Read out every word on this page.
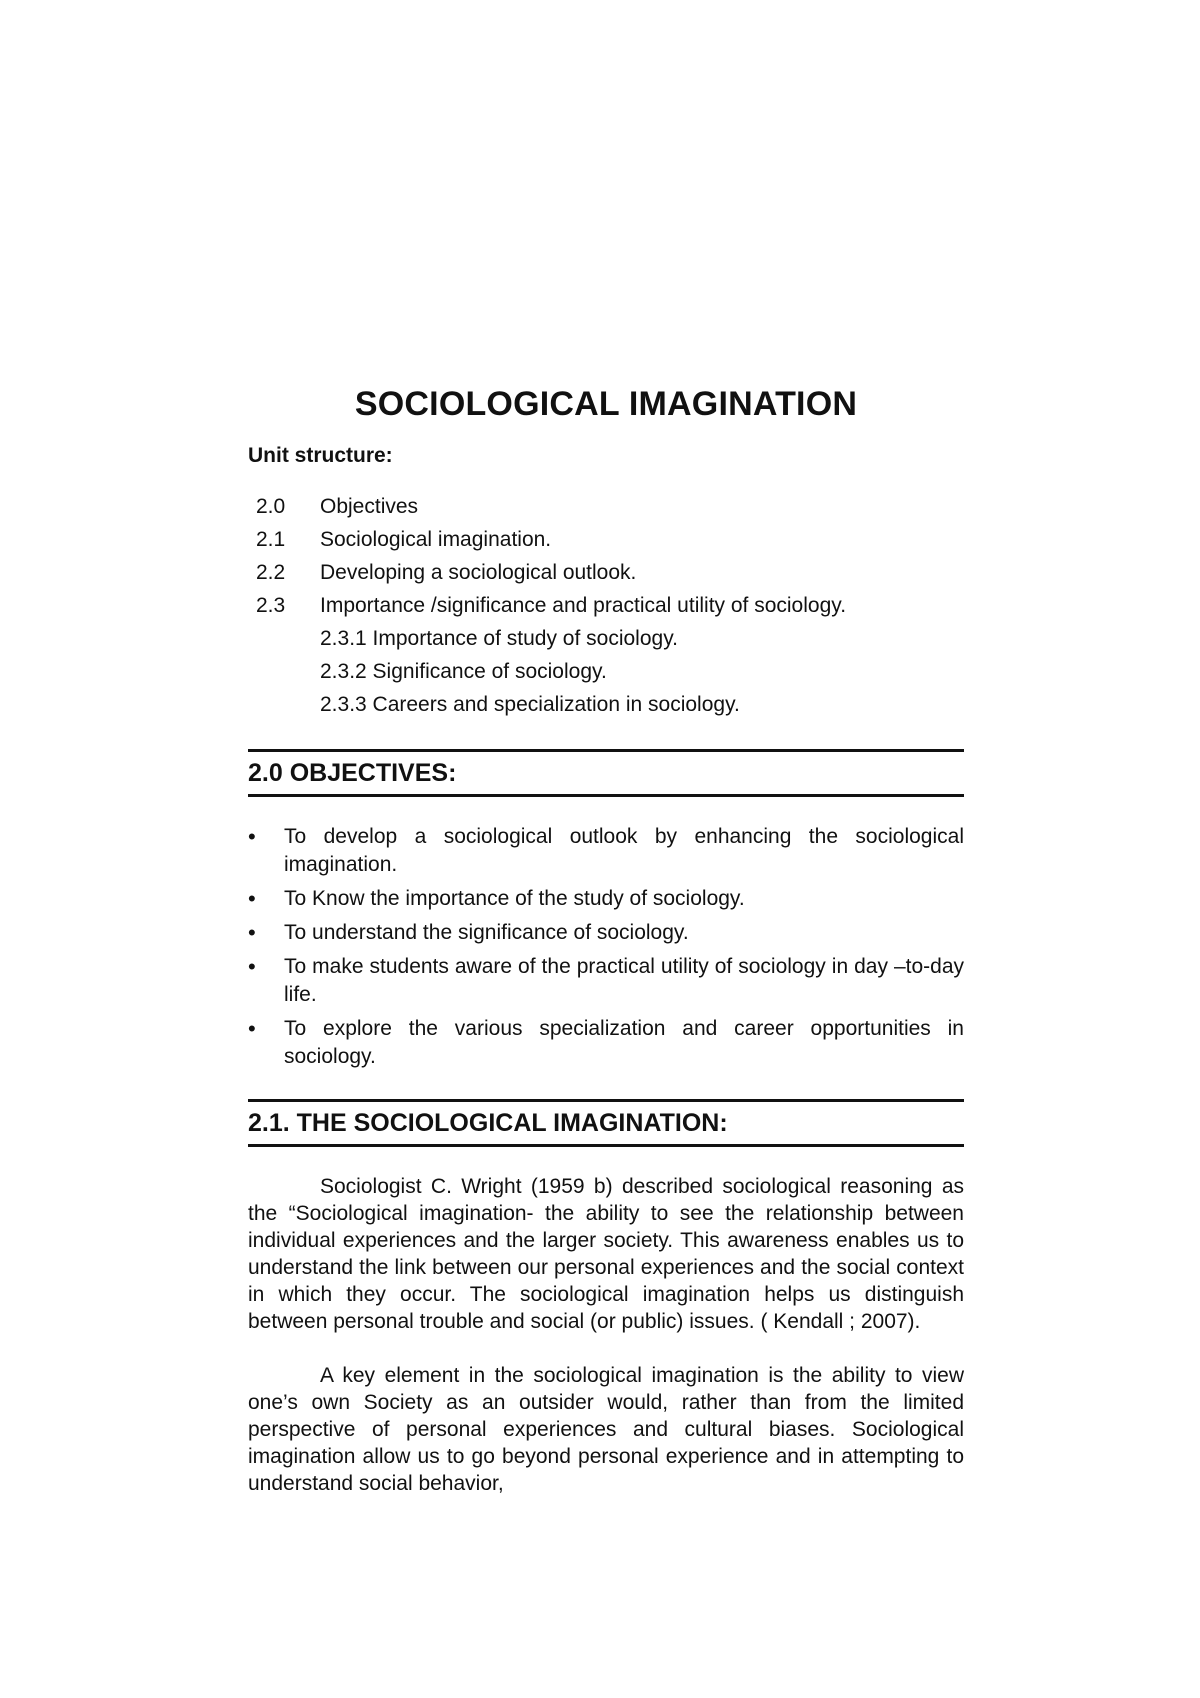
SOCIOLOGICAL IMAGINATION
Unit structure:
2.0	Objectives
2.1	Sociological imagination.
2.2	Developing a sociological outlook.
2.3	Importance /significance and practical utility of sociology.
2.3.1 Importance of study of sociology.
2.3.2 Significance of sociology.
2.3.3 Careers and specialization in sociology.
2.0 OBJECTIVES:
•	To develop a sociological outlook by enhancing the sociological imagination.
•	To Know the importance of the study of sociology.
•	To understand the significance of sociology.
•	To make students aware of the practical utility of sociology in day –to-day life.
•	To explore the various specialization and career opportunities in sociology.
2.1. THE SOCIOLOGICAL IMAGINATION:

Sociologist C. Wright (1959 b) described sociological reasoning as the “Sociological imagination- the ability to see the relationship between individual experiences and the larger society. This awareness enables us to understand the link between our personal experiences and the social context in which they occur. The sociological imagination helps us distinguish between personal trouble and social (or public) issues. ( Kendall ; 2007).

A key element in the sociological imagination is the ability to view one’s own Society as an outsider would, rather than from the limited perspective of personal experiences and cultural biases. Sociological imagination allow us to go beyond personal experience and in attempting to understand social behavior,
